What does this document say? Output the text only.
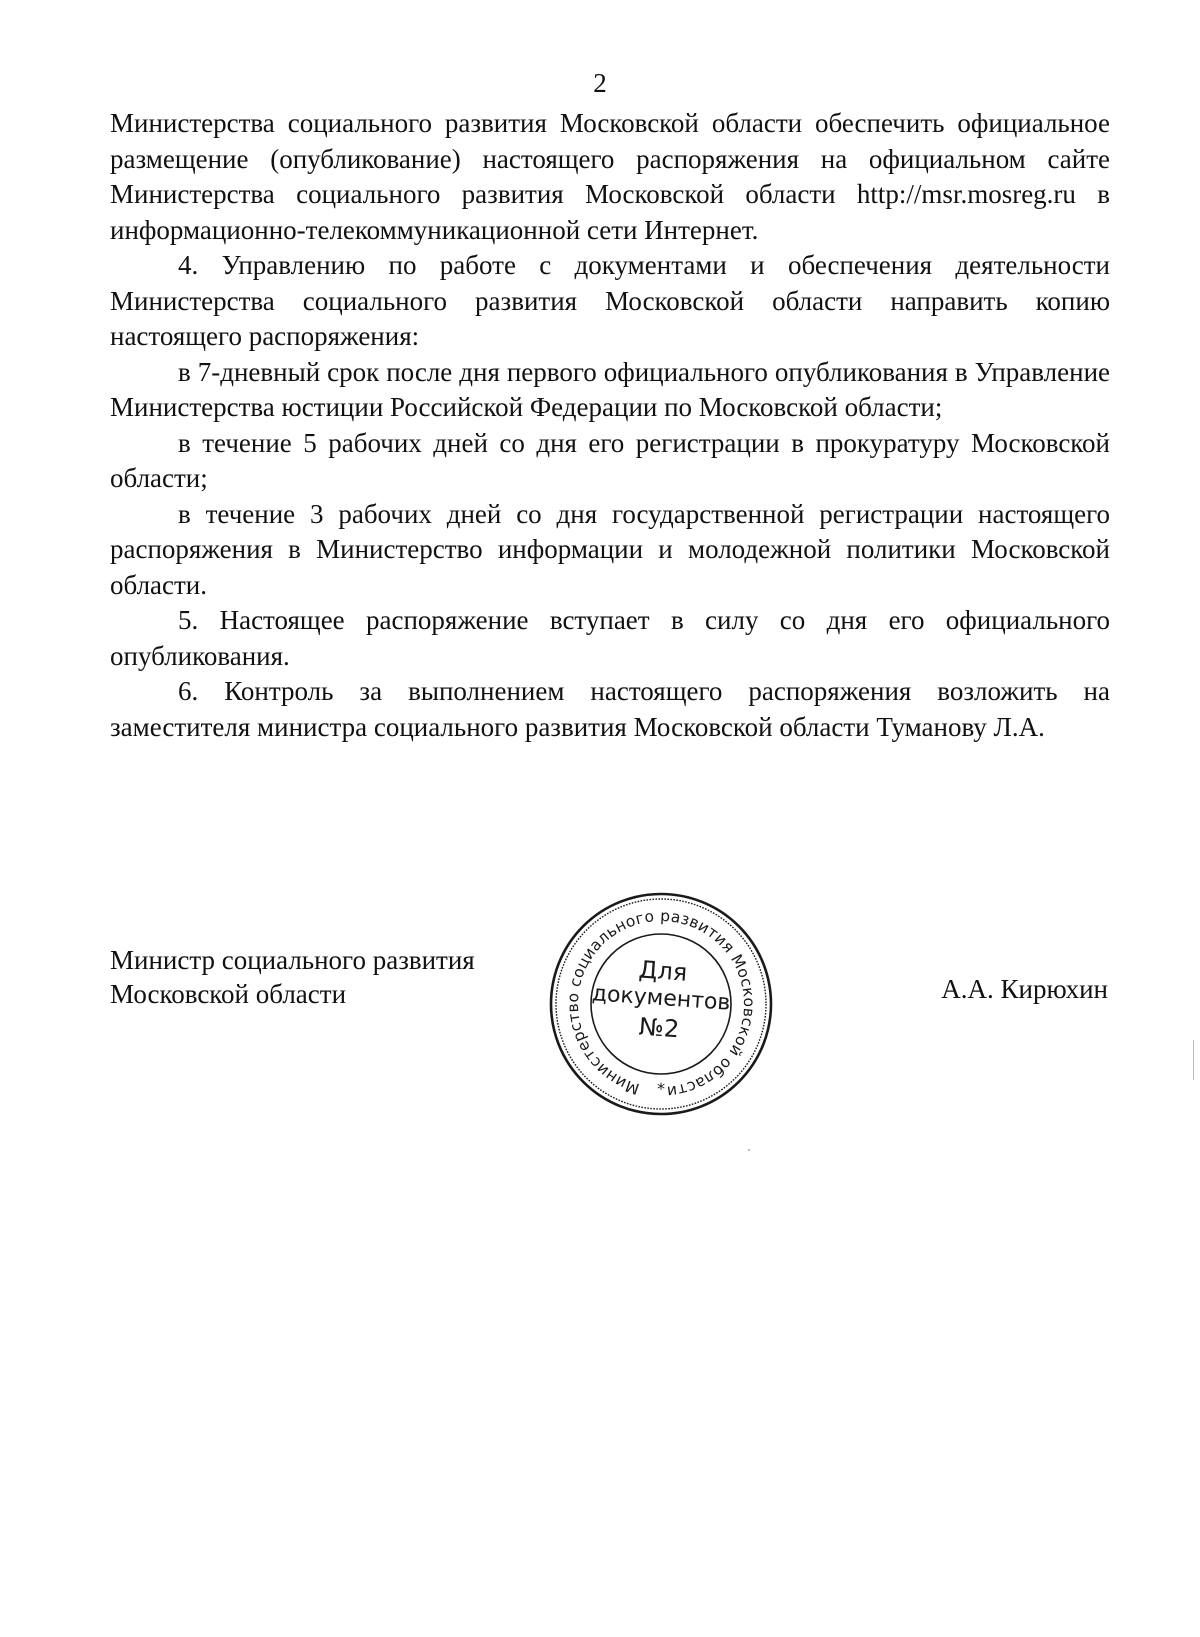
2

Министерства социального развития Московской области обеспечить официальное размещение (опубликование) настоящего распоряжения на официальном сайте Министерства социального развития Московской области http://msr.mosreg.ru в информационно-телекоммуникационной сети Интернет.

4. Управлению по работе с документами и обеспечения деятельности Министерства социального развития Московской области направить копию настоящего распоряжения:

в 7-дневный срок после дня первого официального опубликования в Управление Министерства юстиции Российской Федерации по Московской области;

в течение 5 рабочих дней со дня его регистрации в прокуратуру Московской области;

в течение 3 рабочих дней со дня государственной регистрации настоящего распоряжения в Министерство информации и молодежной политики Московской области.

5. Настоящее распоряжение вступает в силу со дня его официального опубликования.

6. Контроль за выполнением настоящего распоряжения возложить на заместителя министра социального развития Московской области Туманову Л.А.

Министр социального развития
Московской области
Министерство социального развития Московской области
*
Для
документов
№2
А.А. Кирюхин
